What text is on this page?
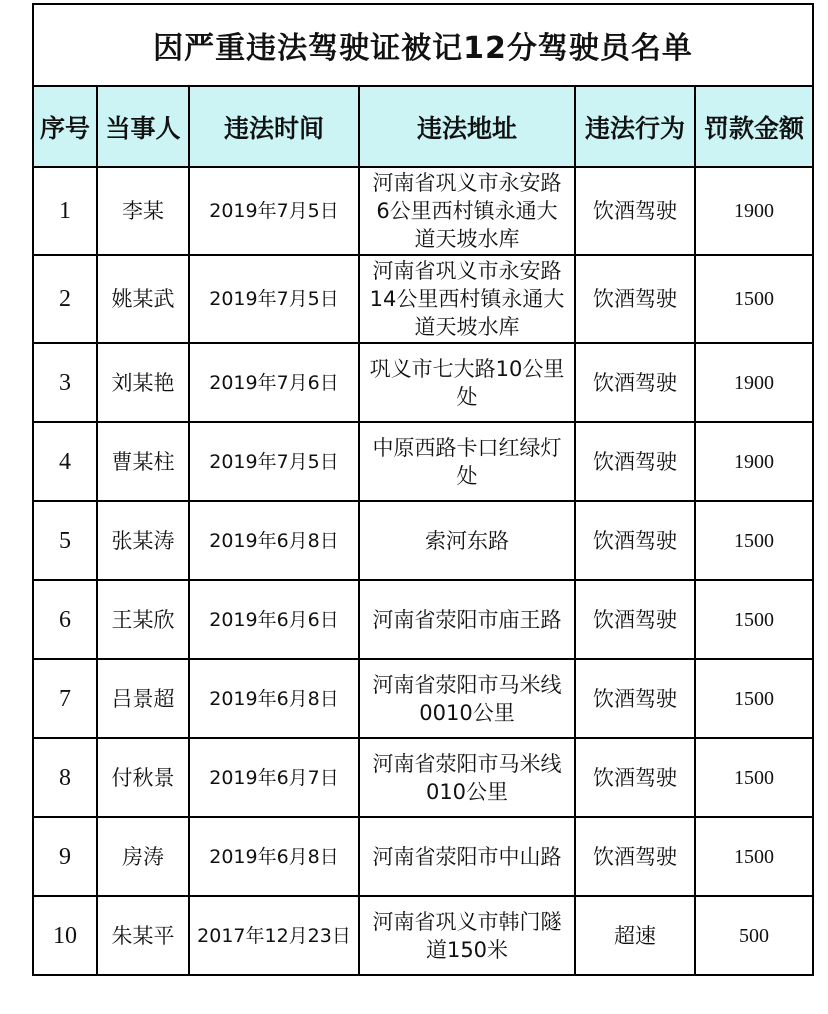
因严重违法驾驶证被记12分驾驶员名单					
序号	当事人	违法时间	违法地址	违法行为	罚款金额
1	李某	2019年7月5日	河南省巩义市永安路6公里西村镇永通大道天坡水库	饮酒驾驶	1900
2	姚某武	2019年7月5日	河南省巩义市永安路14公里西村镇永通大道天坡水库	饮酒驾驶	1500
3	刘某艳	2019年7月6日	巩义市七大路10公里处	饮酒驾驶	1900
4	曹某柱	2019年7月5日	中原西路卡口红绿灯处	饮酒驾驶	1900
5	张某涛	2019年6月8日	索河东路	饮酒驾驶	1500
6	王某欣	2019年6月6日	河南省荥阳市庙王路	饮酒驾驶	1500
7	吕景超	2019年6月8日	河南省荥阳市马米线0010公里	饮酒驾驶	1500
8	付秋景	2019年6月7日	河南省荥阳市马米线010公里	饮酒驾驶	1500
9	房涛	2019年6月8日	河南省荥阳市中山路	饮酒驾驶	1500
10	朱某平	2017年12月23日	河南省巩义市韩门隧道150米	超速	500
